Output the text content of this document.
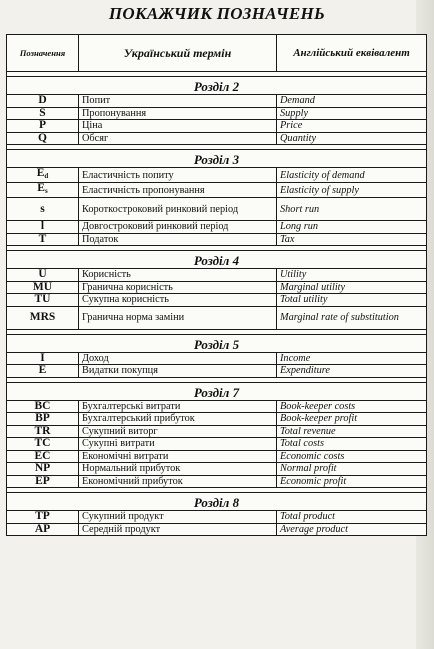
ПОКАЖЧИК ПОЗНАЧЕНЬ
Позначення	Український термін	Англійський еквівалент

Розділ 2		
D	Попит	Demand
S	Пропонування	Supply
P	Ціна	Price
Q	Обсяг	Quantity

Розділ 3		
$E_d$	Еластичність попиту	Elasticity of demand
$E_s$	Еластичність пропонування	Elasticity of supply
s	Короткостроковий ринковий період	Short run
l	Довгостроковий ринковий період	Long run
T	Податок	Tax

Розділ 4		
U	Корисність	Utility
MU	Гранична корисність	Marginal utility
TU	Сукупна корисність	Total utility
MRS	Гранична норма заміни	Marginal rate of substitution

Розділ 5		
I	Доход	Income
E	Видатки покупця	Expenditure

Розділ 7		
BC	Бухгалтерські витрати	Book-keeper costs
BP	Бухгалтерський прибуток	Book-keeper profit
TR	Сукупний виторг	Total revenue
TC	Сукупні витрати	Total costs
EC	Економічні витрати	Economic costs
NP	Нормальний прибуток	Normal profit
EP	Економічний прибуток	Economic profit

Розділ 8		
TP	Сукупний продукт	Total product
AP	Середній продукт	Average product
